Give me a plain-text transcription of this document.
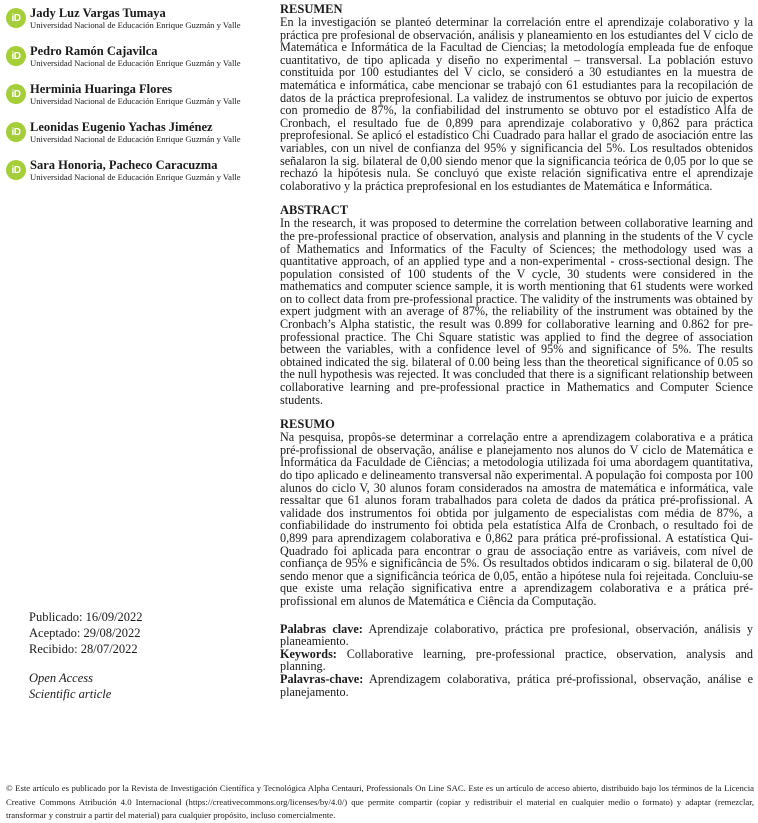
iD Jady Luz Vargas Tumaya
Universidad Nacional de Educación Enrique Guzmán y Valle
iD Pedro Ramón Cajavilca
Universidad Nacional de Educación Enrique Guzmán y Valle
iD Herminia Huaringa Flores
Universidad Nacional de Educación Enrique Guzmán y Valle
iD Leonidas Eugenio Yachas Jiménez
Universidad Nacional de Educación Enrique Guzmán y Valle
iD Sara Honoria, Pacheco Caracuzma
Universidad Nacional de Educación Enrique Guzmán y Valle
Publicado: 16/09/2022
Aceptado: 29/08/2022
Recibido: 28/07/2022
Open Access
Scientific article
RESUMEN

En la investigación se planteó determinar la correlación entre el aprendizaje colaborativo y la práctica pre profesional de observación, análisis y planeamiento en los estudiantes del V ciclo de Matemática e Informática de la Facultad de Ciencias; la metodología empleada fue de enfoque cuantitativo, de tipo aplicada y diseño no experimental – transversal. La población estuvo constituida por 100 estudiantes del V ciclo, se consideró a 30 estudiantes en la muestra de matemática e informática, cabe mencionar se trabajó con 61 estudiantes para la recopilación de datos de la práctica preprofesional. La validez de instrumentos se obtuvo por juicio de expertos con promedio de 87%, la confiabilidad del instrumento se obtuvo por el estadístico Alfa de Cronbach, el resultado fue de 0,899 para aprendizaje colaborativo y 0,862 para práctica preprofesional. Se aplicó el estadístico Chi Cuadrado para hallar el grado de asociación entre las variables, con un nivel de confianza del 95% y significancia del 5%. Los resultados obtenidos señalaron la sig. bilateral de 0,00 siendo menor que la significancia teórica de 0,05 por lo que se rechazó la hipótesis nula. Se concluyó que existe relación significativa entre el aprendizaje colaborativo y la práctica preprofesional en los estudiantes de Matemática e Informática.

ABSTRACT

In the research, it was proposed to determine the correlation between collaborative learning and the pre-professional practice of observation, analysis and planning in the students of the V cycle of Mathematics and Informatics of the Faculty of Sciences; the methodology used was a quantitative approach, of an applied type and a non-experimental - cross-sectional design. The population consisted of 100 students of the V cycle, 30 students were considered in the mathematics and computer science sample, it is worth mentioning that 61 students were worked on to collect data from pre-professional practice. The validity of the instruments was obtained by expert judgment with an average of 87%, the reliability of the instrument was obtained by the Cronbach’s Alpha statistic, the result was 0.899 for collaborative learning and 0.862 for pre-professional practice. The Chi Square statistic was applied to find the degree of association between the variables, with a confidence level of 95% and significance of 5%. The results obtained indicated the sig. bilateral of 0.00 being less than the theoretical significance of 0.05 so the null hypothesis was rejected. It was concluded that there is a significant relationship between collaborative learning and pre-professional practice in Mathematics and Computer Science students.

RESUMO

Na pesquisa, propôs-se determinar a correlação entre a aprendizagem colaborativa e a prática pré-profissional de observação, análise e planejamento nos alunos do V ciclo de Matemática e Informática da Faculdade de Ciências; a metodologia utilizada foi uma abordagem quantitativa, do tipo aplicado e delineamento transversal não experimental. A população foi composta por 100 alunos do ciclo V, 30 alunos foram considerados na amostra de matemática e informática, vale ressaltar que 61 alunos foram trabalhados para coleta de dados da prática pré-profissional. A validade dos instrumentos foi obtida por julgamento de especialistas com média de 87%, a confiabilidade do instrumento foi obtida pela estatística Alfa de Cronbach, o resultado foi de 0,899 para aprendizagem colaborativa e 0,862 para prática pré-profissional. A estatística Qui-Quadrado foi aplicada para encontrar o grau de associação entre as variáveis, com nível de confiança de 95% e significância de 5%. Os resultados obtidos indicaram o sig. bilateral de 0,00 sendo menor que a significância teórica de 0,05, então a hipótese nula foi rejeitada. Concluiu-se que existe uma relação significativa entre a aprendizagem colaborativa e a prática pré-profissional em alunos de Matemática e Ciência da Computação.

Palabras clave: Aprendizaje colaborativo, práctica pre profesional, observación, análisis y planeamiento.

Keywords: Collaborative learning, pre-professional practice, observation, analysis and planning.

Palavras-chave: Aprendizagem colaborativa, prática pré-profissional, observação, análise e planejamento.

© Este artículo es publicado por la Revista de Investigación Científica y Tecnológica Alpha Centauri, Professionals On Line SAC. Este es un artículo de acceso abierto, distribuido bajo los términos de la Licencia Creative Commons Atribución 4.0 Internacional (https://creativecommons.org/licenses/by/4.0/) que permite compartir (copiar y redistribuir el material en cualquier medio o formato) y adaptar (remezclar, transformar y construir a partir del material) para cualquier propósito, incluso comercialmente.
